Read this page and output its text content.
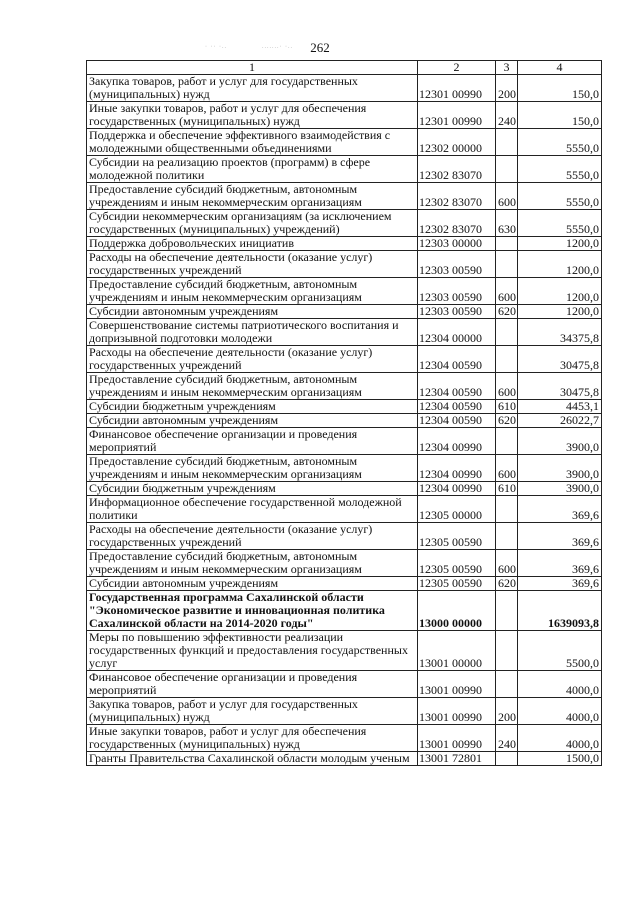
262
· ·· ·..	.......· ·..
1	2	3	4
Закупка товаров, работ и услуг для государственных (муниципальных) нужд	12301 00990	200	150,0
Иные закупки товаров, работ и услуг для обеспечения государственных (муниципальных) нужд	12301 00990	240	150,0
Поддержка и обеспечение эффективного взаимодействия с молодежными общественными объединениями	12302 00000		5550,0
Субсидии на реализацию проектов (программ) в сфере молодежной политики	12302 83070		5550,0
Предоставление субсидий бюджетным, автономным учреждениям и иным некоммерческим организациям	12302 83070	600	5550,0
Субсидии некоммерческим организациям (за исключением государственных (муниципальных) учреждений)	12302 83070	630	5550,0
Поддержка добровольческих инициатив	12303 00000		1200,0
Расходы на обеспечение деятельности (оказание услуг) государственных учреждений	12303 00590		1200,0
Предоставление субсидий бюджетным, автономным учреждениям и иным некоммерческим организациям	12303 00590	600	1200,0
Субсидии автономным учреждениям	12303 00590	620	1200,0
Совершенствование системы патриотического воспитания и допризывной подготовки молодежи	12304 00000		34375,8
Расходы на обеспечение деятельности (оказание услуг) государственных учреждений	12304 00590		30475,8
Предоставление субсидий бюджетным, автономным учреждениям и иным некоммерческим организациям	12304 00590	600	30475,8
Субсидии бюджетным учреждениям	12304 00590	610	4453,1
Субсидии автономным учреждениям	12304 00590	620	26022,7
Финансовое обеспечение организации и проведения мероприятий	12304 00990		3900,0
Предоставление субсидий бюджетным, автономным учреждениям и иным некоммерческим организациям	12304 00990	600	3900,0
Субсидии бюджетным учреждениям	12304 00990	610	3900,0
Информационное обеспечение государственной молодежной политики	12305 00000		369,6
Расходы на обеспечение деятельности (оказание услуг) государственных учреждений	12305 00590		369,6
Предоставление субсидий бюджетным, автономным учреждениям и иным некоммерческим организациям	12305 00590	600	369,6
Субсидии автономным учреждениям	12305 00590	620	369,6
Государственная программа Сахалинской области "Экономическое развитие и инновационная политика Сахалинской области на 2014-2020 годы"	13000 00000		1639093,8
Меры по повышению эффективности реализации государственных функций и предоставления государственных услуг	13001 00000		5500,0
Финансовое обеспечение организации и проведения мероприятий	13001 00990		4000,0
Закупка товаров, работ и услуг для государственных (муниципальных) нужд	13001 00990	200	4000,0
Иные закупки товаров, работ и услуг для обеспечения государственных (муниципальных) нужд	13001 00990	240	4000,0
Гранты Правительства Сахалинской области молодым ученым	13001 72801		1500,0
